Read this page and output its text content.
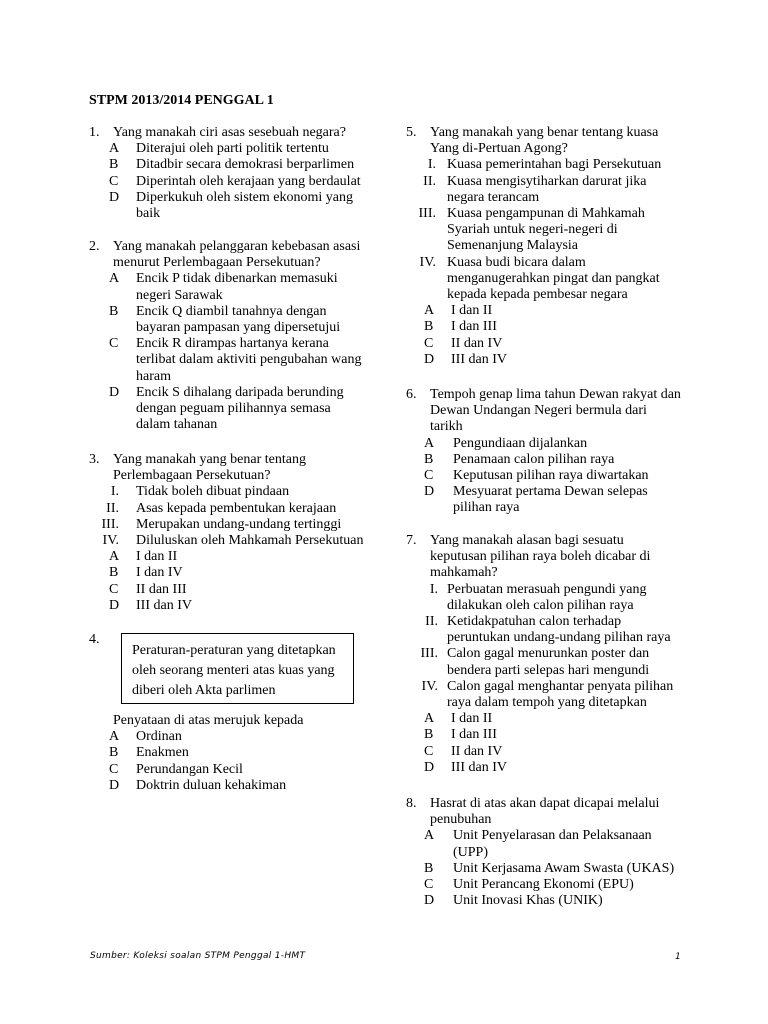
STPM 2013/2014 PENGGAL 1
1. Yang manakah ciri asas sesebuah negara?
A Diterajui oleh parti politik tertentu
B Ditadbir secara demokrasi berparlimen
C Diperintah oleh kerajaan yang berdaulat
D Diperkukuh oleh sistem ekonomi yang
baik
2. Yang manakah pelanggaran kebebasan asasi
menurut Perlembagaan Persekutuan?
A Encik P tidak dibenarkan memasuki
negeri Sarawak
B Encik Q diambil tanahnya dengan
bayaran pampasan yang dipersetujui
C Encik R dirampas hartanya kerana
terlibat dalam aktiviti pengubahan wang
haram
D Encik S dihalang daripada berunding
dengan peguam pilihannya semasa
dalam tahanan
3. Yang manakah yang benar tentang
Perlembagaan Persekutuan?
I. Tidak boleh dibuat pindaan
II. Asas kepada pembentukan kerajaan
III. Merupakan undang-undang tertinggi
IV. Diluluskan oleh Mahkamah Persekutuan
A I dan II
B I dan IV
C II dan III
D III dan IV
4.
Peraturan-peraturan yang ditetapkan
oleh seorang menteri atas kuas yang
diberi oleh Akta parlimen
Penyataan di atas merujuk kepada
A Ordinan
B Enakmen
C Perundangan Kecil
D Doktrin duluan kehakiman
5. Yang manakah yang benar tentang kuasa
Yang di-Pertuan Agong?
I. Kuasa pemerintahan bagi Persekutuan
II. Kuasa mengisytiharkan darurat jika
negara terancam
III. Kuasa pengampunan di Mahkamah
Syariah untuk negeri-negeri di
Semenanjung Malaysia
IV. Kuasa budi bicara dalam
menganugerahkan pingat dan pangkat
kepada kepada pembesar negara
A I dan II
B I dan III
C II dan IV
D III dan IV
6. Tempoh genap lima tahun Dewan rakyat dan
Dewan Undangan Negeri bermula dari
tarikh
A Pengundiaan dijalankan
B Penamaan calon pilihan raya
C Keputusan pilihan raya diwartakan
D Mesyuarat pertama Dewan selepas
pilihan raya
7. Yang manakah alasan bagi sesuatu
keputusan pilihan raya boleh dicabar di
mahkamah?
I. Perbuatan merasuah pengundi yang
dilakukan oleh calon pilihan raya
II. Ketidakpatuhan calon terhadap
peruntukan undang-undang pilihan raya
III. Calon gagal menurunkan poster dan
bendera parti selepas hari mengundi
IV. Calon gagal menghantar penyata pilihan
raya dalam tempoh yang ditetapkan
A I dan II
B I dan III
C II dan IV
D III dan IV
8. Hasrat di atas akan dapat dicapai melalui
penubuhan
A Unit Penyelarasan dan Pelaksanaan
(UPP)
B Unit Kerjasama Awam Swasta (UKAS)
C Unit Perancang Ekonomi (EPU)
D Unit Inovasi Khas (UNIK)
Sumber: Koleksi soalan STPM Penggal 1-HMT	1
